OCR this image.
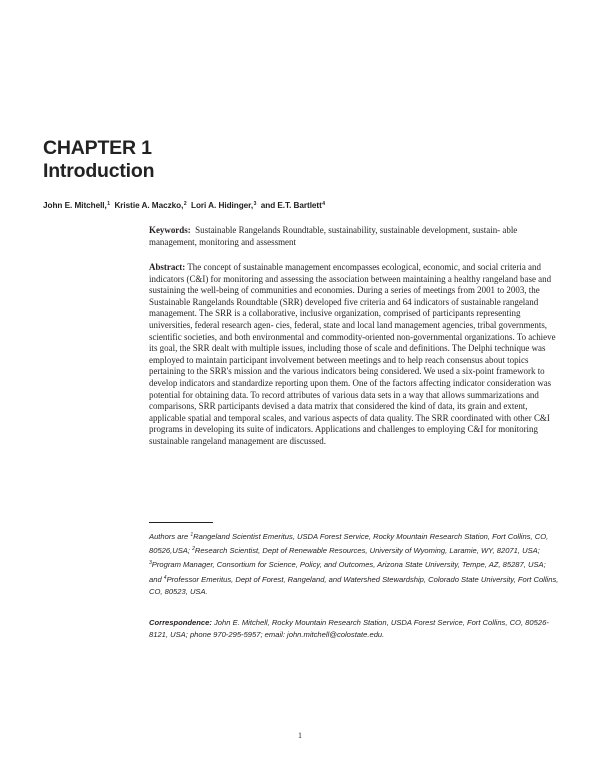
CHAPTER 1
Introduction
John E. Mitchell,$^1$ Kristie A. Maczko,$^2$ Lori A. Hidinger,$^3$ and E.T. Bartlett$^4$
Keywords: Sustainable Rangelands Roundtable, sustainability, sustainable development, sustain- able management, monitoring and assessment
Abstract: The concept of sustainable management encompasses ecological, economic, and social criteria and indicators (C&I) for monitoring and assessing the association between maintaining a healthy rangeland base and sustaining the well-being of communities and economies. During a series of meetings from 2001 to 2003, the Sustainable Rangelands Roundtable (SRR) developed five criteria and 64 indicators of sustainable rangeland management. The SRR is a collaborative, inclusive organization, comprised of participants representing universities, federal research agen- cies, federal, state and local land management agencies, tribal governments, scientific societies, and both environmental and commodity-oriented non-governmental organizations. To achieve its goal, the SRR dealt with multiple issues, including those of scale and definitions. The Delphi technique was employed to maintain participant involvement between meetings and to help reach consensus about topics pertaining to the SRR's mission and the various indicators being considered. We used a six-point framework to develop indicators and standardize reporting upon them. One of the factors affecting indicator consideration was potential for obtaining data. To record attributes of various data sets in a way that allows summarizations and comparisons, SRR participants devised a data matrix that considered the kind of data, its grain and extent, applicable spatial and temporal scales, and various aspects of data quality. The SRR coordinated with other C&I programs in developing its suite of indicators. Applications and challenges to employing C&I for monitoring sustainable rangeland management are discussed.
Authors are $^1$Rangeland Scientist Emeritus, USDA Forest Service, Rocky Mountain Research Station, Fort Collins, CO, 80526,USA; $^2$Research Scientist, Dept of Renewable Resources, University of Wyoming, Laramie, WY, 82071, USA; $^3$Program Manager, Consortium for Science, Policy, and Outcomes, Arizona State University, Tempe, AZ, 85287, USA; and $^4$Professor Emeritus, Dept of Forest, Rangeland, and Watershed Stewardship, Colorado State University, Fort Collins, CO, 80523, USA.
Correspondence: John E. Mitchell, Rocky Mountain Research Station, USDA Forest Service, Fort Collins, CO, 80526-8121, USA; phone 970-295-5957; email: john.mitchell@colostate.edu.
1
